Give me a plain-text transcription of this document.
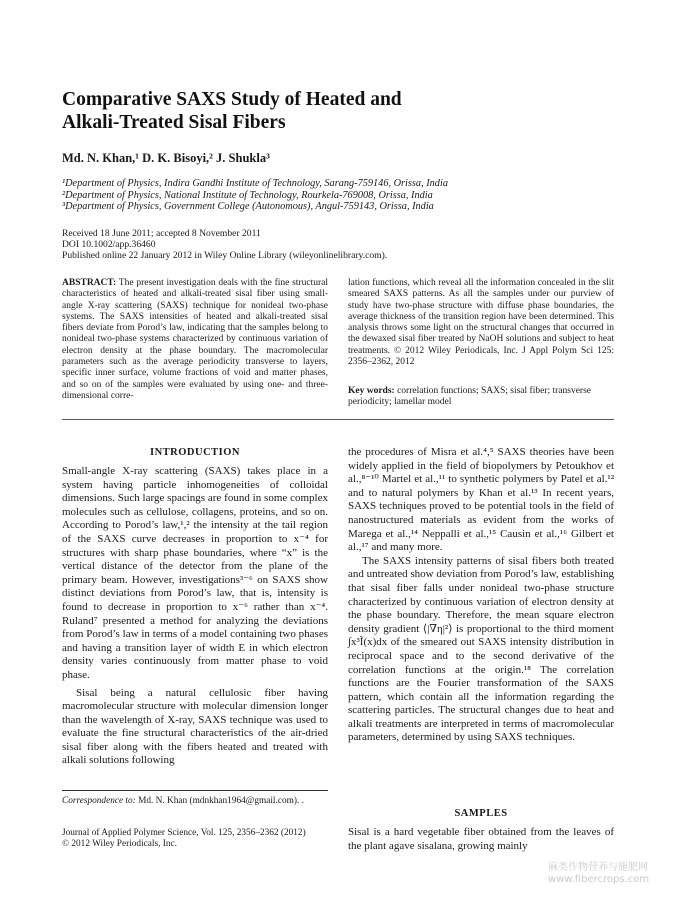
Comparative SAXS Study of Heated and
Alkali-Treated Sisal Fibers
Md. N. Khan,¹ D. K. Bisoyi,² J. Shukla³
¹Department of Physics, Indira Gandhi Institute of Technology, Sarang-759146, Orissa, India
²Department of Physics, National Institute of Technology, Rourkela-769008, Orissa, India
³Department of Physics, Government College (Autonomous), Angul-759143, Orissa, India
Received 18 June 2011; accepted 8 November 2011
DOI 10.1002/app.36460
Published online 22 January 2012 in Wiley Online Library (wileyonlinelibrary.com).
ABSTRACT: The present investigation deals with the fine structural characteristics of heated and alkali-treated sisal fiber using small-angle X-ray scattering (SAXS) technique for nonideal two-phase systems. The SAXS intensities of heated and alkali-treated sisal fibers deviate from Porod’s law, indicating that the samples belong to nonideal two-phase systems characterized by continuous variation of electron density at the phase boundary. The macromolecular parameters such as the average periodicity transverse to layers, specific inner surface, volume fractions of void and matter phases, and so on of the samples were evaluated by using one- and three-dimensional corre-
lation functions, which reveal all the information concealed in the slit smeared SAXS patterns. As all the samples under our purview of study have two-phase structure with diffuse phase boundaries, the average thickness of the transition region have been determined. This analysis throws some light on the structural changes that occurred in the dewaxed sisal fiber treated by NaOH solutions and subject to heat treatments. © 2012 Wiley Periodicals, Inc. J Appl Polym Sci 125: 2356–2362, 2012
Key words: correlation functions; SAXS; sisal fiber; transverse periodicity; lamellar model
INTRODUCTION

Small-angle X-ray scattering (SAXS) takes place in a system having particle inhomogeneities of colloidal dimensions. Such large spacings are found in some complex molecules such as cellulose, collagens, proteins, and so on. According to Porod’s law,¹,² the intensity at the tail region of the SAXS curve decreases in proportion to x⁻⁴ for structures with sharp phase boundaries, where “x” is the vertical distance of the detector from the plane of the primary beam. However, investigations³⁻⁶ on SAXS show distinct deviations from Porod’s law, that is, intensity is found to decrease in proportion to x⁻⁶ rather than x⁻⁴. Ruland⁷ presented a method for analyzing the deviations from Porod’s law in terms of a model containing two phases and having a transition layer of width E in which electron density varies continuously from matter phase to void phase.

Sisal being a natural cellulosic fiber having macromolecular structure with molecular dimension longer than the wavelength of X-ray, SAXS technique was used to evaluate the fine structural characteristics of the air-dried sisal fiber along with the fibers heated and treated with alkali solutions following

the procedures of Misra et al.⁴,⁵ SAXS theories have been widely applied in the field of biopolymers by Petoukhov et al.,⁸⁻¹⁰ Martel et al.,¹¹ to synthetic polymers by Patel et al.¹² and to natural polymers by Khan et al.¹³ In recent years, SAXS techniques proved to be potential tools in the field of nanostructured materials as evident from the works of Marega et al.,¹⁴ Neppalli et al.,¹⁵ Causin et al.,¹⁶ Gilbert et al.,¹⁷ and many more.

The SAXS intensity patterns of sisal fibers both treated and untreated show deviation from Porod’s law, establishing that sisal fiber falls under nonideal two-phase structure characterized by continuous variation of electron density at the phase boundary. Therefore, the mean square electron density gradient ⟨|∇η|²⟩ is proportional to the third moment ∫x³Ĩ(x)dx of the smeared out SAXS intensity distribution in reciprocal space and to the second derivative of the correlation functions at the origin.¹⁸ The correlation functions are the Fourier transformation of the SAXS pattern, which contain all the information regarding the scattering particles. The structural changes due to heat and alkali treatments are interpreted in terms of macromolecular parameters, determined by using SAXS techniques.

Correspondence to: Md. N. Khan (mdnkhan1964@gmail.com). .
Journal of Applied Polymer Science, Vol. 125, 2356–2362 (2012)
© 2012 Wiley Periodicals, Inc.
SAMPLES
Sisal is a hard vegetable fiber obtained from the leaves of the plant agave sisalana, growing mainly
麻类作物营养与施肥网
www.fibercrops.com
